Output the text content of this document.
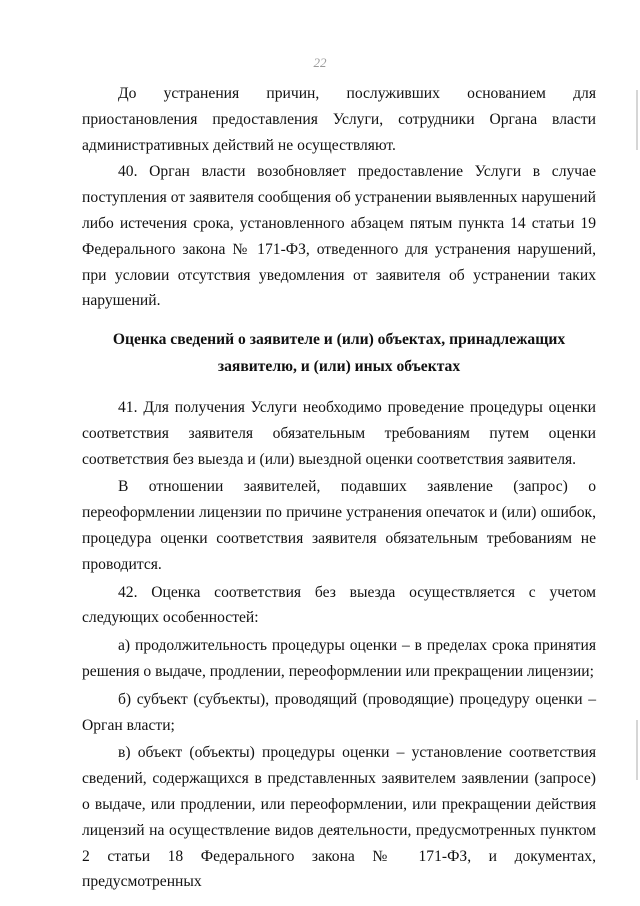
22

До устранения причин, послуживших основанием для приостановления предоставления Услуги, сотрудники Органа власти административных действий не осуществляют.

40. Орган власти возобновляет предоставление Услуги в случае поступления от заявителя сообщения об устранении выявленных нарушений либо истечения срока, установленного абзацем пятым пункта 14 статьи 19 Федерального закона № 171-ФЗ, отведенного для устранения нарушений, при условии отсутствия уведомления от заявителя об устранении таких нарушений.

Оценка сведений о заявителе и (или) объектах, принадлежащих

заявителю, и (или) иных объектах

41. Для получения Услуги необходимо проведение процедуры оценки соответствия заявителя обязательным требованиям путем оценки соответствия без выезда и (или) выездной оценки соответствия заявителя.

В отношении заявителей, подавших заявление (запрос) о переоформлении лицензии по причине устранения опечаток и (или) ошибок, процедура оценки соответствия заявителя обязательным требованиям не проводится.

42. Оценка соответствия без выезда осуществляется с учетом следующих особенностей:

а) продолжительность процедуры оценки – в пределах срока принятия решения о выдаче, продлении, переоформлении или прекращении лицензии;

б) субъект (субъекты), проводящий (проводящие) процедуру оценки – Орган власти;

в) объект (объекты) процедуры оценки – установление соответствия сведений, содержащихся в представленных заявителем заявлении (запросе) о выдаче, или продлении, или переоформлении, или прекращении действия лицензий на осуществление видов деятельности, предусмотренных пунктом 2 статьи 18 Федерального закона № 171-ФЗ, и документах, предусмотренных
